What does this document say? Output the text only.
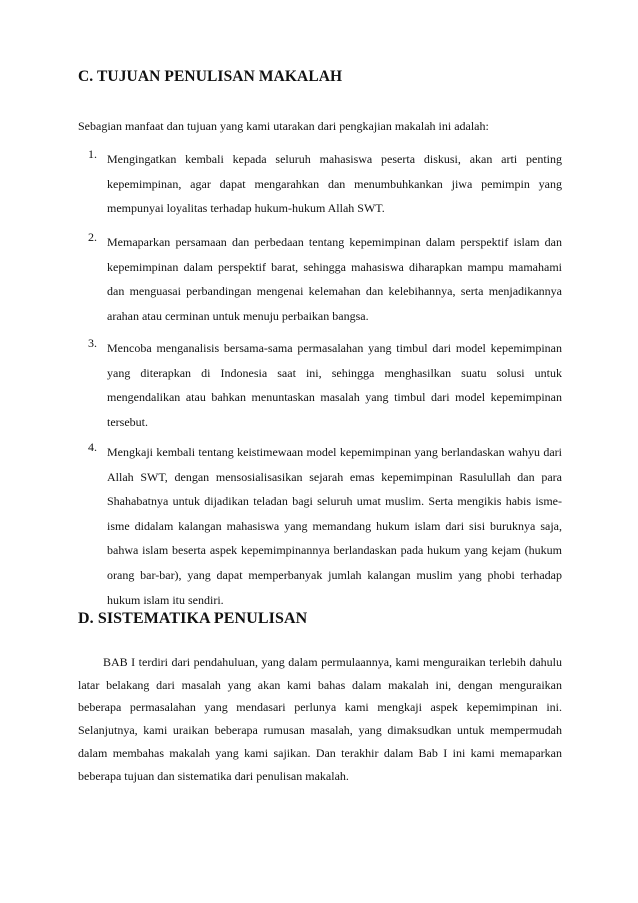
C. TUJUAN PENULISAN MAKALAH
Sebagian manfaat dan tujuan yang kami utarakan dari pengkajian makalah ini adalah:
1. Mengingatkan kembali kepada seluruh mahasiswa peserta diskusi, akan arti penting kepemimpinan, agar dapat mengarahkan dan menumbuhkankan jiwa pemimpin yang mempunyai loyalitas terhadap hukum-hukum Allah SWT.
2. Memaparkan persamaan dan perbedaan tentang kepemimpinan dalam perspektif islam dan kepemimpinan dalam perspektif barat, sehingga mahasiswa diharapkan mampu mamahami dan menguasai perbandingan mengenai kelemahan dan kelebihannya, serta menjadikannya arahan atau cerminan untuk menuju perbaikan bangsa.
3. Mencoba menganalisis bersama-sama permasalahan yang timbul dari model kepemimpinan yang diterapkan di Indonesia saat ini, sehingga menghasilkan suatu solusi untuk mengendalikan atau bahkan menuntaskan masalah yang timbul dari model kepemimpinan tersebut.
4. Mengkaji kembali tentang keistimewaan model kepemimpinan yang berlandaskan wahyu dari Allah SWT, dengan mensosialisasikan sejarah emas kepemimpinan Rasulullah dan para Shahabatnya untuk dijadikan teladan bagi seluruh umat muslim. Serta mengikis habis isme-isme didalam kalangan mahasiswa yang memandang hukum islam dari sisi buruknya saja, bahwa islam beserta aspek kepemimpinannya berlandaskan pada hukum yang kejam (hukum orang bar-bar), yang dapat memperbanyak jumlah kalangan muslim yang phobi terhadap hukum islam itu sendiri.
D. SISTEMATIKA PENULISAN
BAB I terdiri dari pendahuluan, yang dalam permulaannya, kami menguraikan terlebih dahulu latar belakang dari masalah yang akan kami bahas dalam makalah ini, dengan menguraikan beberapa permasalahan yang mendasari perlunya kami mengkaji aspek kepemimpinan ini. Selanjutnya, kami uraikan beberapa rumusan masalah, yang dimaksudkan untuk mempermudah dalam membahas makalah yang kami sajikan. Dan terakhir dalam Bab I ini kami memaparkan beberapa tujuan dan sistematika dari penulisan makalah.
